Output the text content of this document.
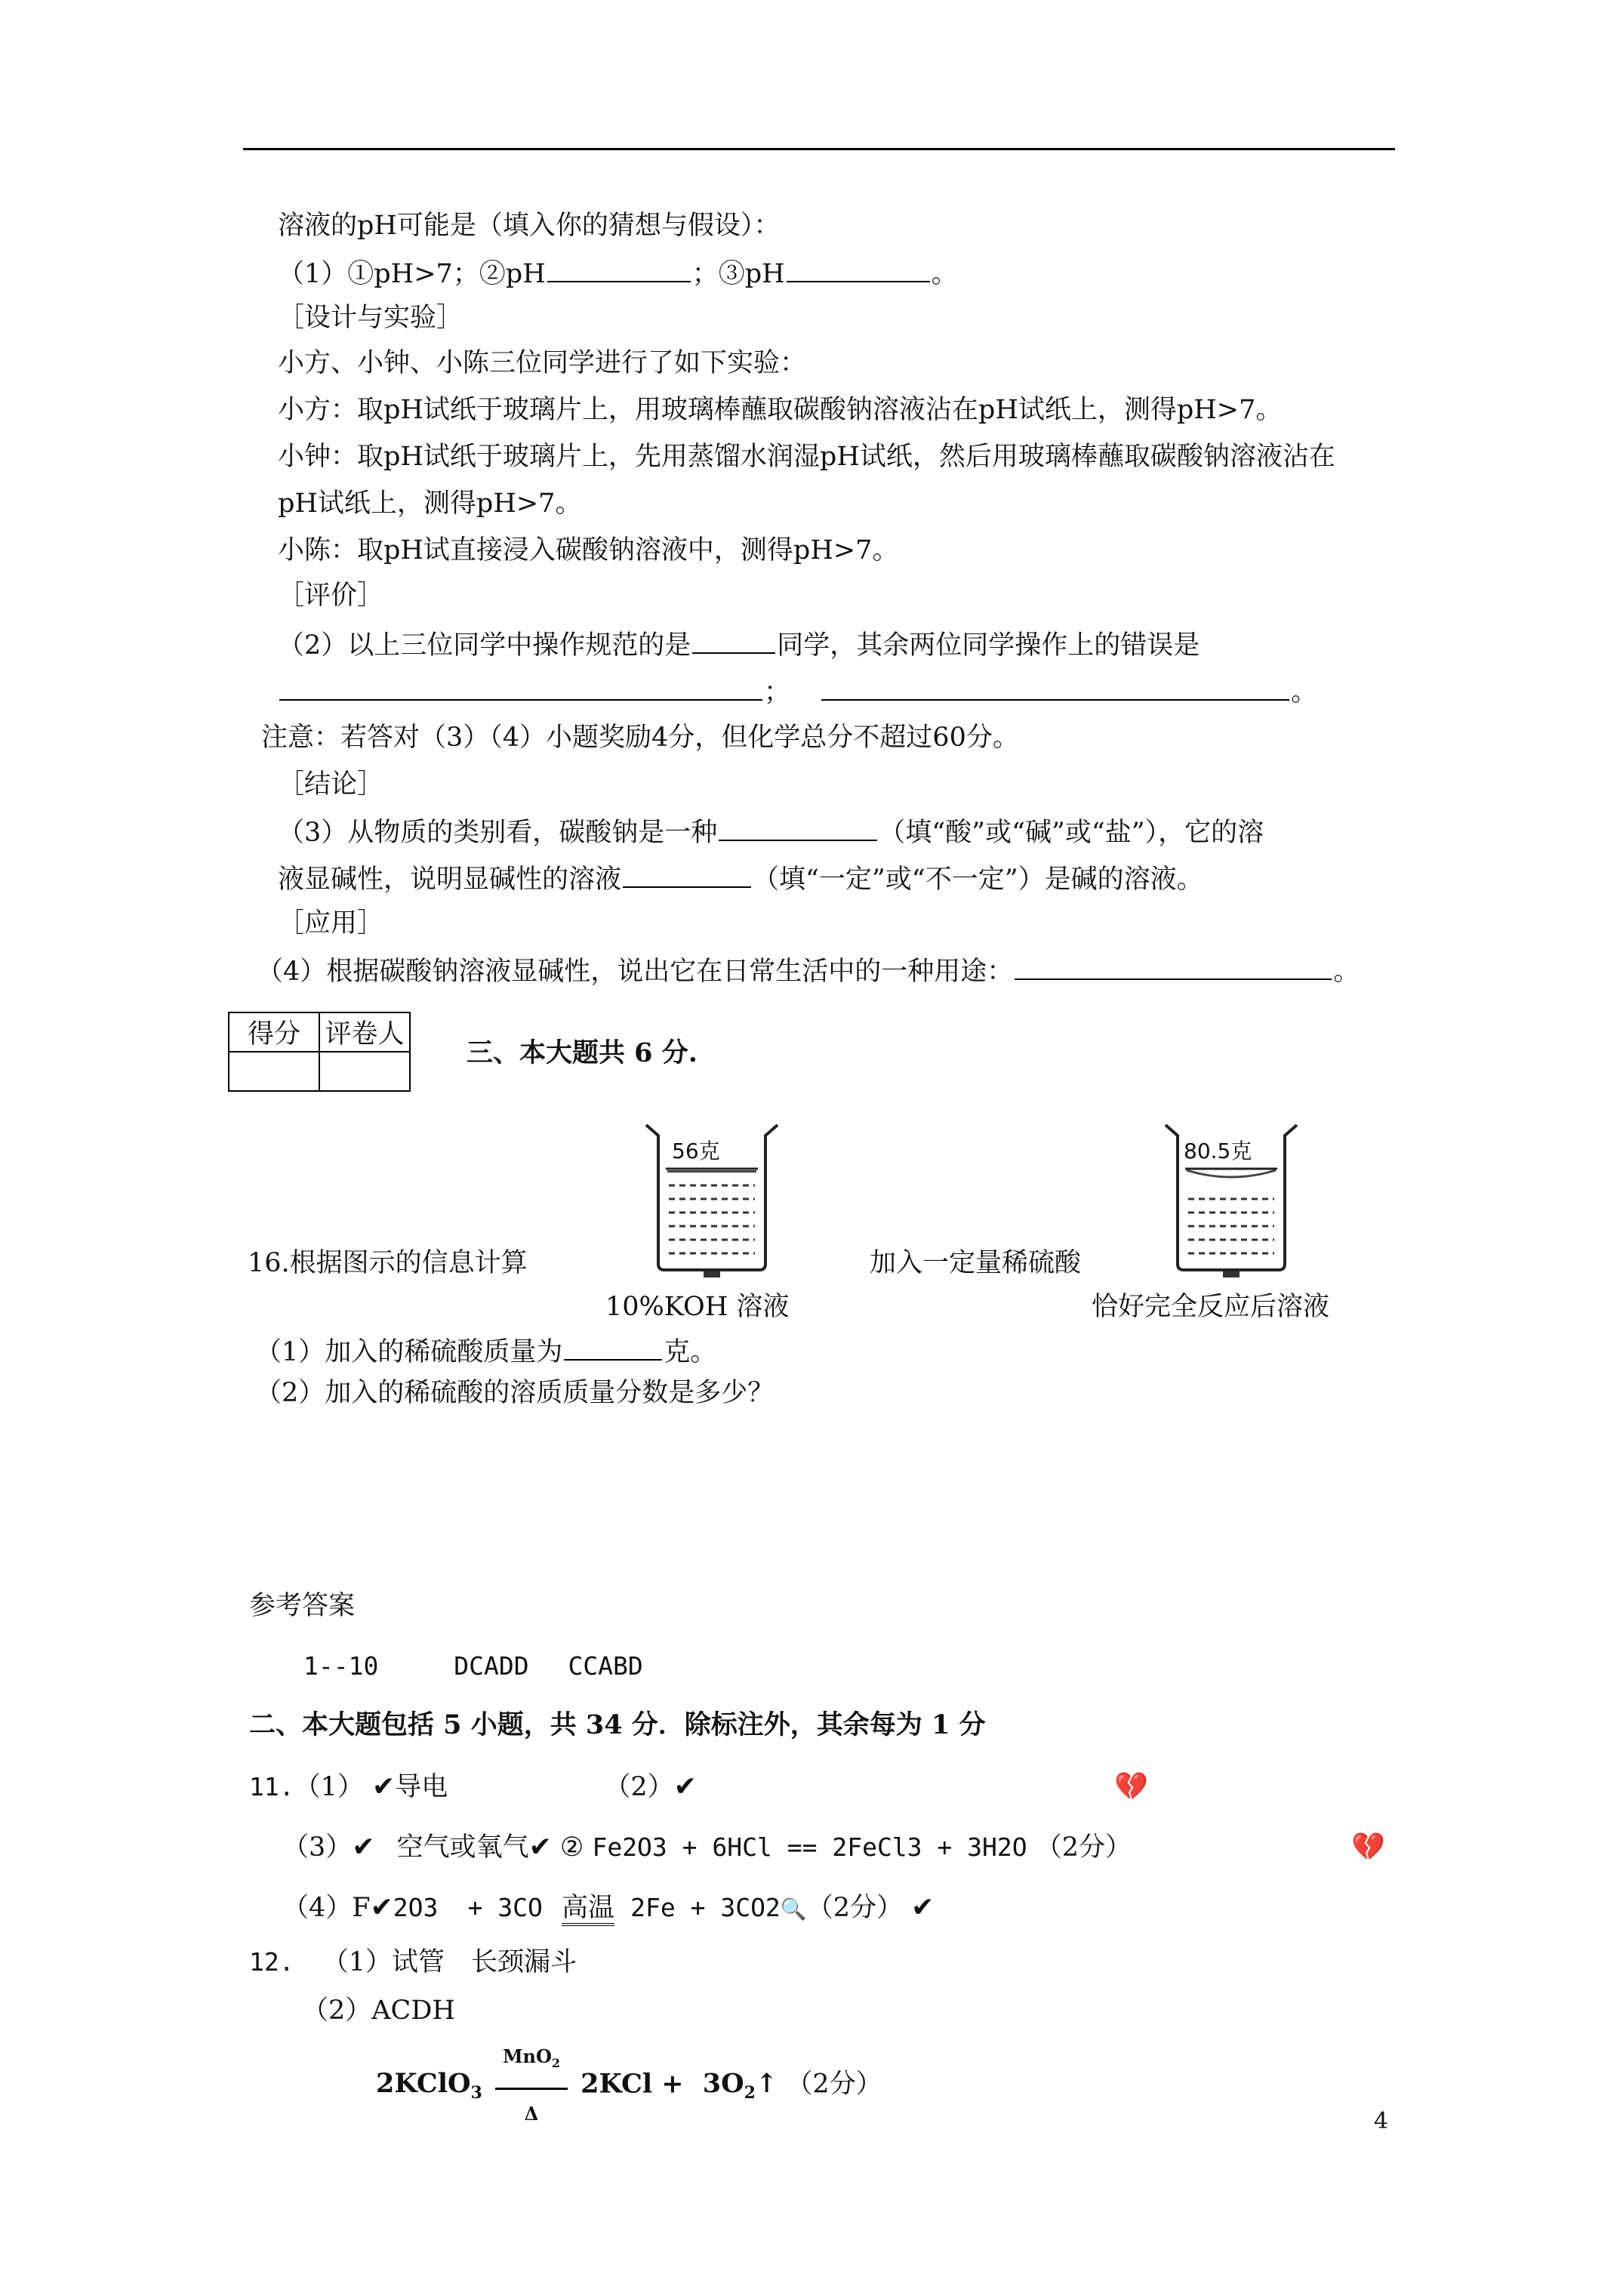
溶液的pH可能是（填入你的猜想与假设）：
（1）①pH>7；②pH	；③pH	。
［设计与实验］
小方、小钟、小陈三位同学进行了如下实验：
小方：取pH试纸于玻璃片上，用玻璃棒蘸取碳酸钠溶液沾在pH试纸上，测得pH>7。
小钟：取pH试纸于玻璃片上，先用蒸馏水润湿pH试纸，然后用玻璃棒蘸取碳酸钠溶液沾在
pH试纸上，测得pH>7。
小陈：取pH试直接浸入碳酸钠溶液中，测得pH>7。
［评价］
（2）以上三位同学中操作规范的是	同学，其余两位同学操作上的错误是
；	。
注意：若答对（3）（4）小题奖励4分，但化学总分不超过60分。
［结论］
（3）从物质的类别看，碳酸钠是一种	（填“酸”或“碱”或“盐”），它的溶
液显碱性，说明显碱性的溶液	（填“一定”或“不一定”）是碱的溶液。
［应用］
（4）根据碳酸钠溶液显碱性，说出它在日常生活中的一种用途：	。
得分	评卷人

三、本大题共 6 分.
56克	80.5克
16.根据图示的信息计算	加入一定量稀硫酸
10%KOH 溶液	恰好完全反应后溶液
（1）加入的稀硫酸质量为	克。
（2）加入的稀硫酸的溶质质量分数是多少？
参考答案
1--10	DCADD CCABD
二、本大题包括 5 小题，共 34 分．除标注外，其余每为 1 分
11.（1） ✔导电	（2）✔	💔
（3）✔ 空气或氧气✔ ② Fe2O3 + 6HCl == 2FeCl3 + 3H2O （2分）	💔
（4）F✔2O3 + 3CO 高温 2Fe + 3CO2🔍（2分） ✔
12. （1）试管　长颈漏斗
（2）ACDH
2KClO$_3$ $\frac{MnO_2}{\Delta} 2KCl$ + $3O_2↑$ （2分）
4
